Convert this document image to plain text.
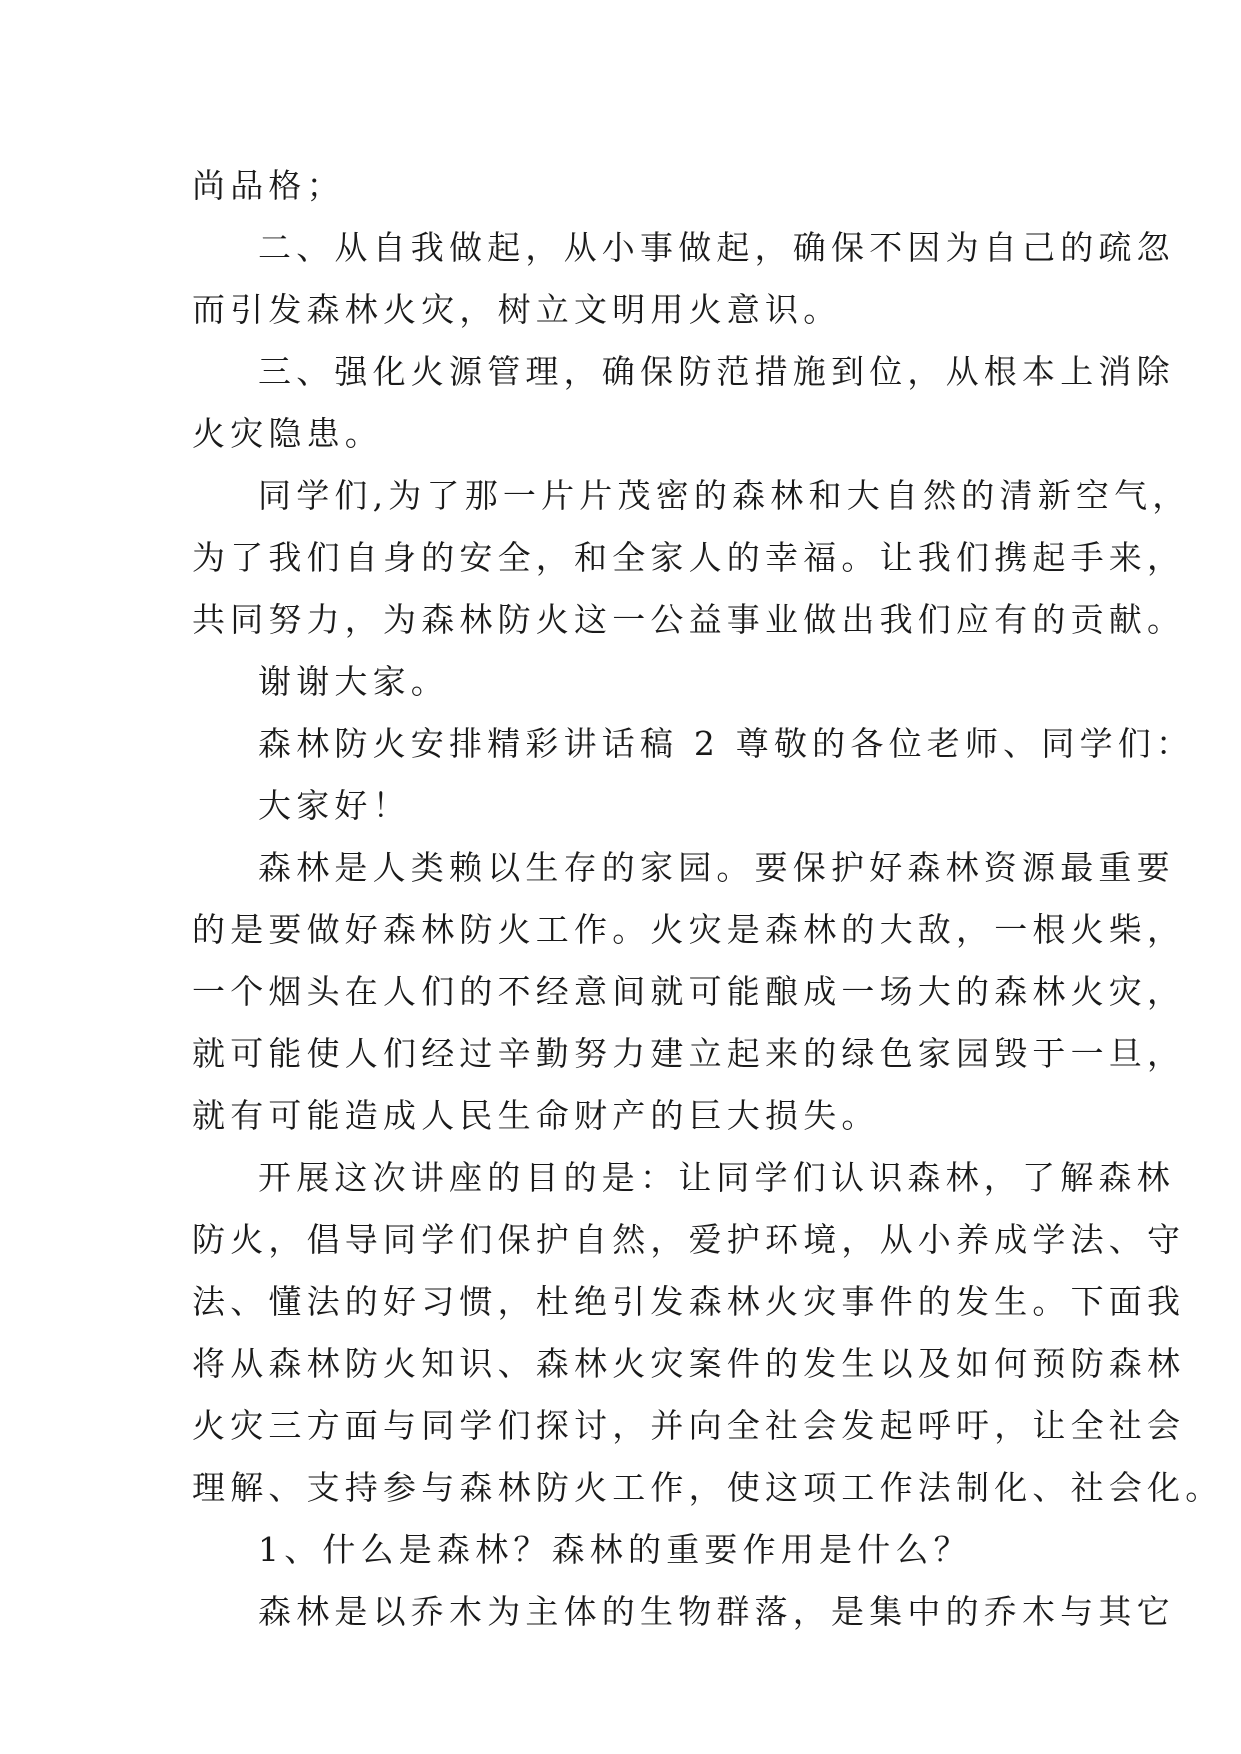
尚品格；
二、从自我做起，从小事做起，确保不因为自己的疏忽
而引发森林火灾，树立文明用火意识。
三、强化火源管理，确保防范措施到位，从根本上消除
火灾隐患。
同学们,为了那一片片茂密的森林和大自然的清新空气，
为了我们自身的安全，和全家人的幸福。让我们携起手来，
共同努力，为森林防火这一公益事业做出我们应有的贡献。
谢谢大家。
森林防火安排精彩讲话稿 2 尊敬的各位老师、同学们：
大家好！
森林是人类赖以生存的家园。要保护好森林资源最重要
的是要做好森林防火工作。火灾是森林的大敌，一根火柴，
一个烟头在人们的不经意间就可能酿成一场大的森林火灾，
就可能使人们经过辛勤努力建立起来的绿色家园毁于一旦，
就有可能造成人民生命财产的巨大损失。
开展这次讲座的目的是：让同学们认识森林，了解森林
防火，倡导同学们保护自然，爱护环境，从小养成学法、守
法、懂法的好习惯，杜绝引发森林火灾事件的发生。下面我
将从森林防火知识、森林火灾案件的发生以及如何预防森林
火灾三方面与同学们探讨，并向全社会发起呼吁，让全社会
理解、支持参与森林防火工作，使这项工作法制化、社会化。
1、什么是森林？森林的重要作用是什么？
森林是以乔木为主体的生物群落，是集中的乔木与其它
